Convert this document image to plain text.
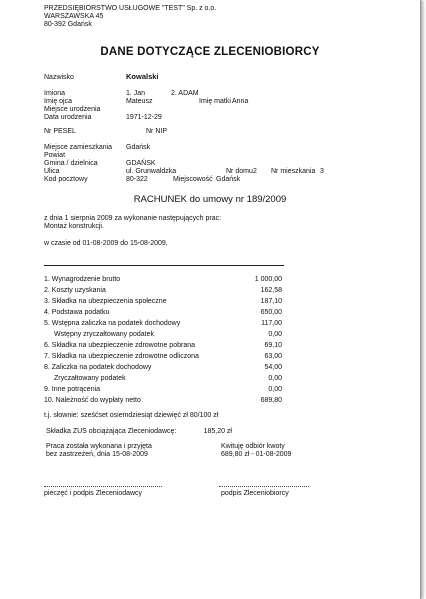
PRZEDSIĘBIORSTWO USŁUGOWE "TEST" Sp. z o.o.
WARSZAWSKA 45
80-392 Gdańsk
DANE DOTYCZĄCE ZLECENIOBIORCY
Nazwisko	Kowalski
Imiona	1. Jan	2. ADAM
Imię ojca	Mateusz	Imię matki Anna
Miejsce urodzenia
Data urodzenia	1971-12-29
Nr PESEL	Nr NIP
Miejsce zamieszkania Gdańsk
Powiat
Gmina / dzielnica	GDAŃSK
Ulica	ul. Grunwaldzka	Nr domu 2 Nr mieszkania 3
Kod pocztowy	80-322	Miejscowość Gdańsk
RACHUNEK do umowy nr 189/2009
z dnia 1 sierpnia 2009 za wykonanie następujących prac:
Montaż konstrukcji.
w czasie od 01-08-2009 do 15-08-2009,
1. Wynagrodzenie brutto	1 000,00
2. Koszty uzyskania	162,58
3. Składka na ubezpieczenia społeczne	187,10
4. Podstawa podatku	650,00
5. Wstępna zaliczka na podatek dochodowy	117,00
Wstępny zryczałtowany podatek	0,00
6. Składka na ubezpieczenie zdrowotne pobrana	69,10
7. Składka na ubezpieczenie zdrowotne odliczona	63,00
8. Zaliczka na podatek dochodowy	54,00
Zryczałtowany podatek	0,00
9. Inne potrącenia	0,00
10. Należność do wypłaty netto	689,80
t.j. słownie: sześćset osiemdziesiąt dziewięć zł 80/100 zł
Składka ZUS obciążająca Zleceniodawcę:	185,20 zł
Praca została wykonana i przyjęta
bez zastrzeżeń, dnia 15-08-2009
Kwituję odbiór kwoty
689,80 zł - 01-08-2009
pieczęć i podpis Zleceniodawcy	podpis Zleceniobiorcy
